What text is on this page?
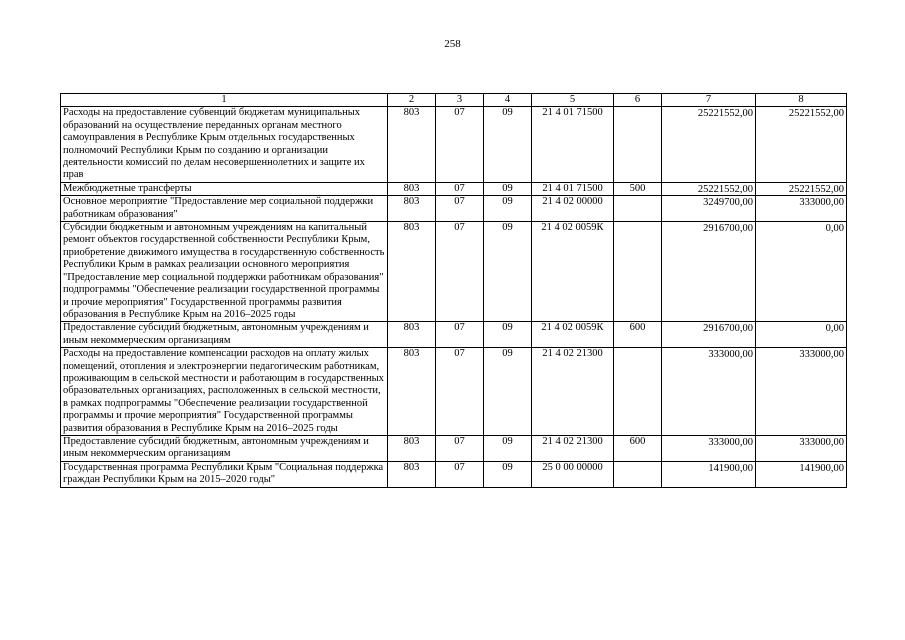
258
1	2	3	4	5	6	7	8
Расходы на предоставление субвенций бюджетам муниципальных образований на осуществление переданных органам местного самоуправления в Республике Крым отдельных государственных полномочий Республики Крым по созданию и организации деятельности комиссий по делам несовершеннолетних и защите их прав	803	07	09	21 4 01 71500		25221552,00	25221552,00
Межбюджетные трансферты	803	07	09	21 4 01 71500	500	25221552,00	25221552,00
Основное мероприятие "Предоставление мер социальной поддержки работникам образования"	803	07	09	21 4 02 00000		3249700,00	333000,00
Субсидии бюджетным и автономным учреждениям на капитальный ремонт объектов государственной собственности Республики Крым, приобретение движимого имущества в государственную собственность Республики Крым в рамках реализации основного мероприятия "Предоставление мер социальной поддержки работникам образования" подпрограммы "Обеспечение реализации государственной программы и прочие мероприятия" Государственной программы развития образования в Республике Крым на 2016–2025 годы	803	07	09	21 4 02 0059К		2916700,00	0,00
Предоставление субсидий бюджетным, автономным учреждениям и иным некоммерческим организациям	803	07	09	21 4 02 0059К	600	2916700,00	0,00
Расходы на предоставление компенсации расходов на оплату жилых помещений, отопления и электроэнергии педагогическим работникам, проживающим в сельской местности и работающим в государственных образовательных организациях, расположенных в сельской местности, в рамках подпрограммы "Обеспечение реализации государственной программы и прочие мероприятия" Государственной программы развития образования в Республике Крым на 2016–2025 годы	803	07	09	21 4 02 21300		333000,00	333000,00
Предоставление субсидий бюджетным, автономным учреждениям и иным некоммерческим организациям	803	07	09	21 4 02 21300	600	333000,00	333000,00
Государственная программа Республики Крым "Социальная поддержка граждан Республики Крым на 2015–2020 годы"	803	07	09	25 0 00 00000		141900,00	141900,00
